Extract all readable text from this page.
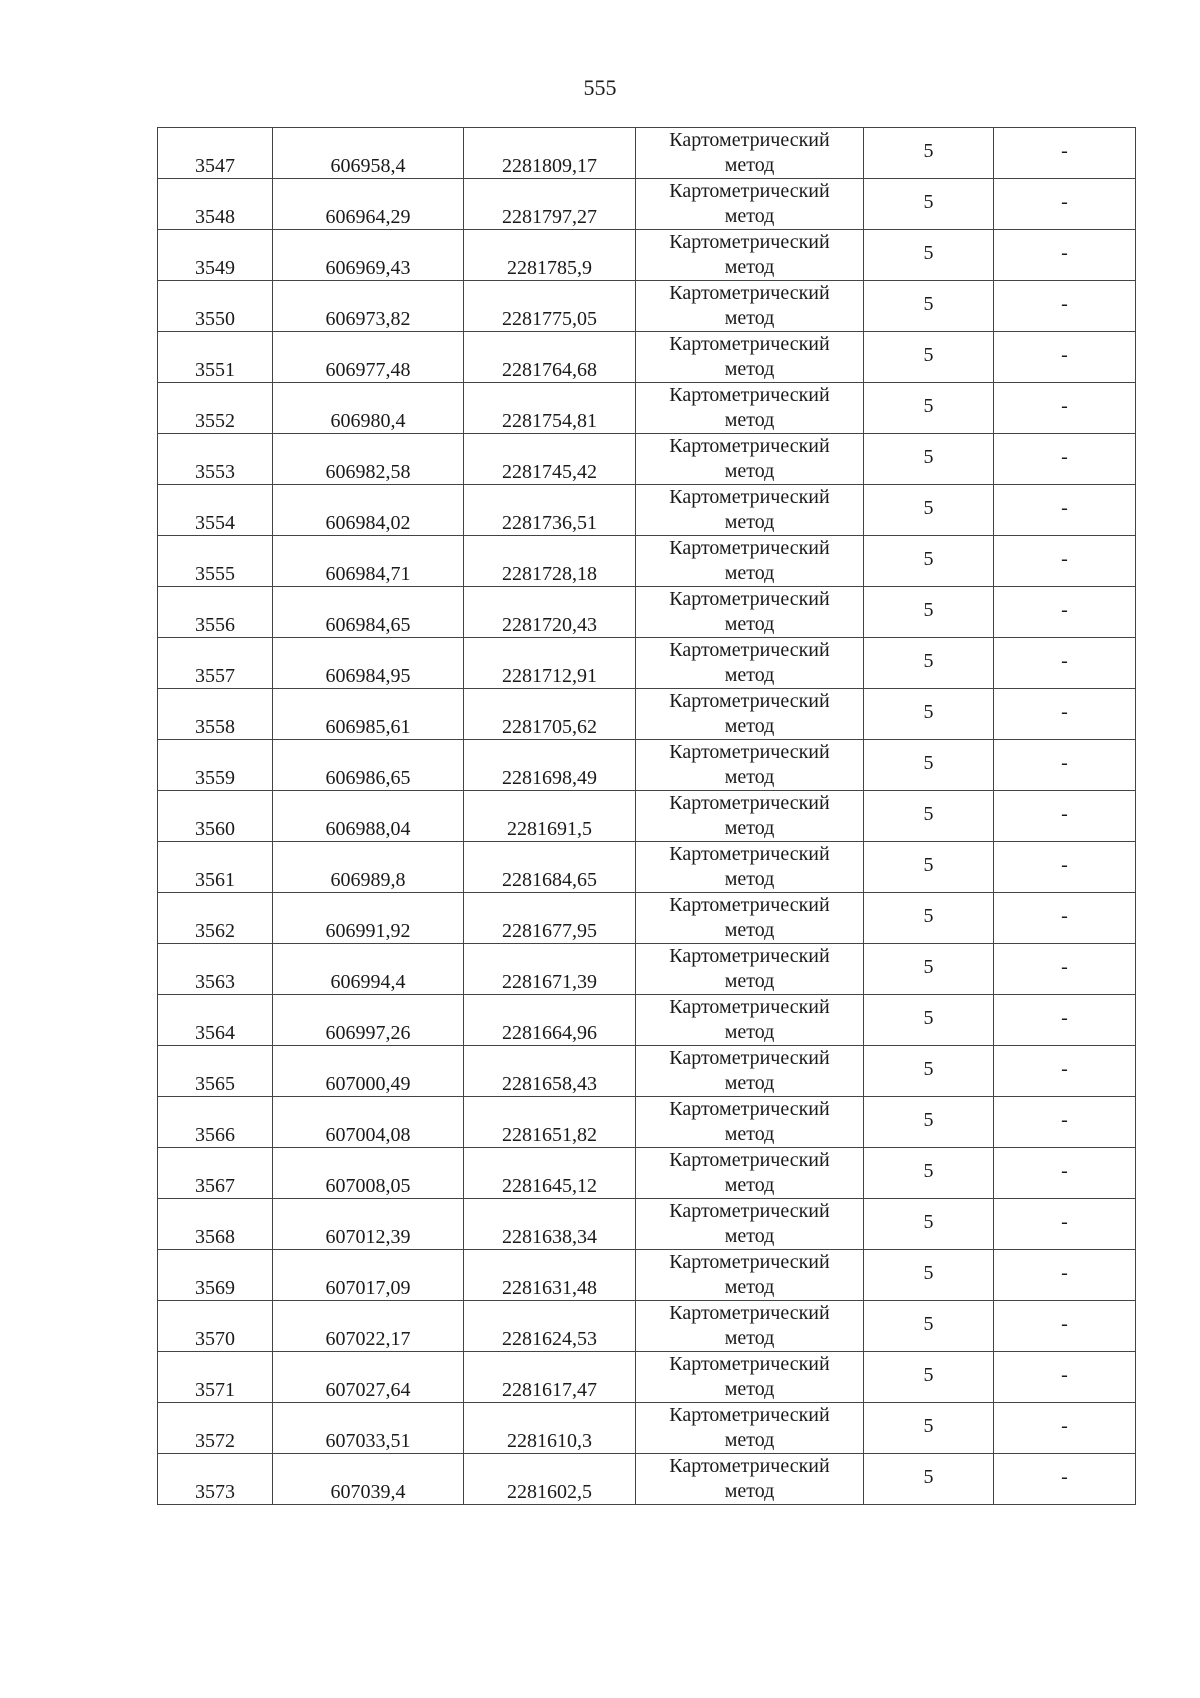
555
3547	606958,4	2281809,17	Картометрический
метод	5	-

3548	606964,29	2281797,27	Картометрический
метод	5	-

3549	606969,43	2281785,9	Картометрический
метод	5	-

3550	606973,82	2281775,05	Картометрический
метод	5	-

3551	606977,48	2281764,68	Картометрический
метод	5	-

3552	606980,4	2281754,81	Картометрический
метод	5	-

3553	606982,58	2281745,42	Картометрический
метод	5	-

3554	606984,02	2281736,51	Картометрический
метод	5	-

3555	606984,71	2281728,18	Картометрический
метод	5	-

3556	606984,65	2281720,43	Картометрический
метод	5	-

3557	606984,95	2281712,91	Картометрический
метод	5	-

3558	606985,61	2281705,62	Картометрический
метод	5	-

3559	606986,65	2281698,49	Картометрический
метод	5	-

3560	606988,04	2281691,5	Картометрический
метод	5	-

3561	606989,8	2281684,65	Картометрический
метод	5	-

3562	606991,92	2281677,95	Картометрический
метод	5	-

3563	606994,4	2281671,39	Картометрический
метод	5	-

3564	606997,26	2281664,96	Картометрический
метод	5	-

3565	607000,49	2281658,43	Картометрический
метод	5	-

3566	607004,08	2281651,82	Картометрический
метод	5	-

3567	607008,05	2281645,12	Картометрический
метод	5	-

3568	607012,39	2281638,34	Картометрический
метод	5	-

3569	607017,09	2281631,48	Картометрический
метод	5	-

3570	607022,17	2281624,53	Картометрический
метод	5	-

3571	607027,64	2281617,47	Картометрический
метод	5	-

3572	607033,51	2281610,3	Картометрический
метод	5	-

3573	607039,4	2281602,5	Картометрический
метод	5	-
